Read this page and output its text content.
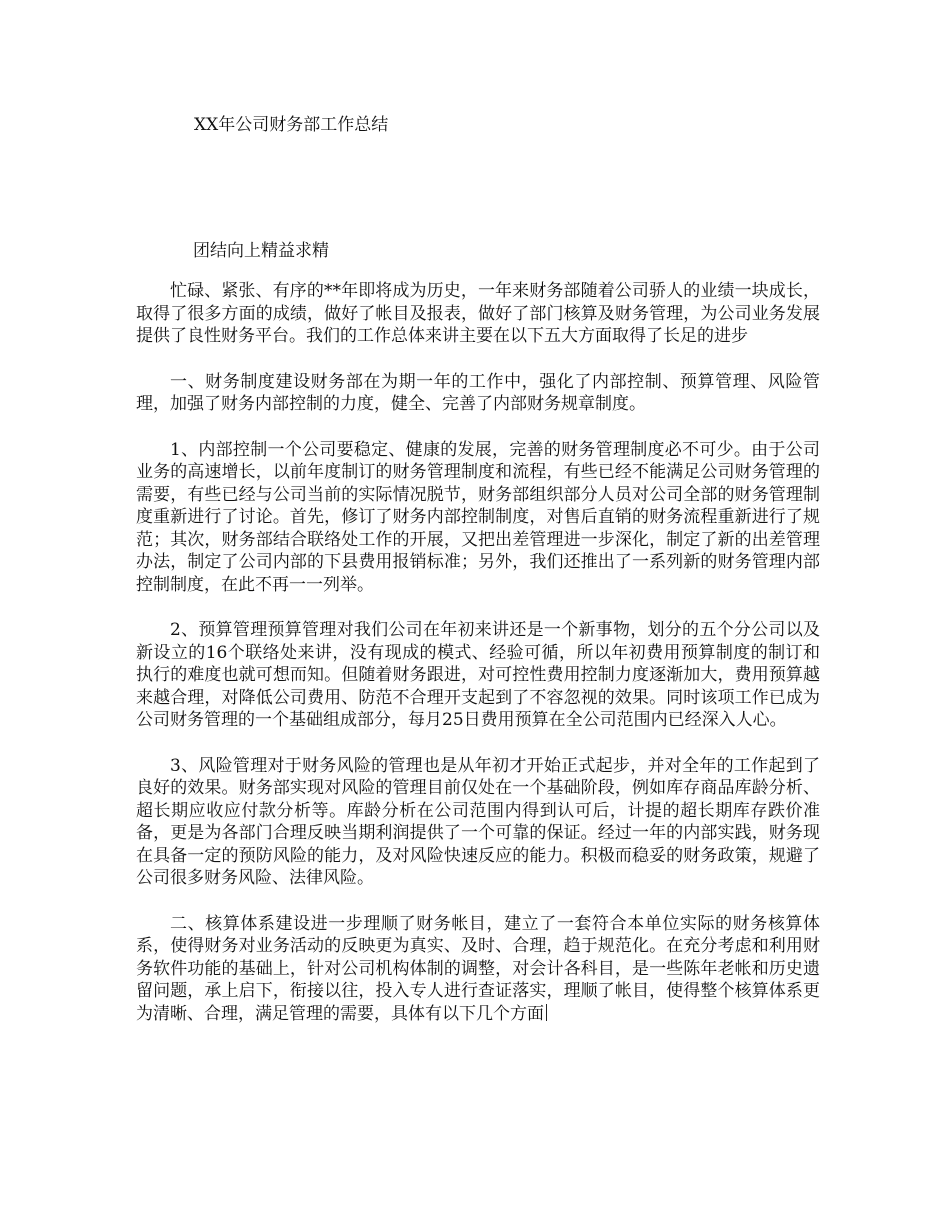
XX年公司财务部工作总结
团结向上精益求精

忙碌、紧张、有序的**年即将成为历史，一年来财务部随着公司骄人的业绩一块成长，取得了很多方面的成绩，做好了帐目及报表，做好了部门核算及财务管理，为公司业务发展提供了良性财务平台。我们的工作总体来讲主要在以下五大方面取得了长足的进步

一、财务制度建设财务部在为期一年的工作中，强化了内部控制、预算管理、风险管理，加强了财务内部控制的力度，健全、完善了内部财务规章制度。

1、内部控制一个公司要稳定、健康的发展，完善的财务管理制度必不可少。由于公司业务的高速增长，以前年度制订的财务管理制度和流程，有些已经不能满足公司财务管理的需要，有些已经与公司当前的实际情况脱节，财务部组织部分人员对公司全部的财务管理制度重新进行了讨论。首先，修订了财务内部控制制度，对售后直销的财务流程重新进行了规范；其次，财务部结合联络处工作的开展，又把出差管理进一步深化，制定了新的出差管理办法，制定了公司内部的下县费用报销标准；另外，我们还推出了一系列新的财务管理内部控制制度，在此不再一一列举。

2、预算管理预算管理对我们公司在年初来讲还是一个新事物，划分的五个分公司以及新设立的16个联络处来讲，没有现成的模式、经验可循，所以年初费用预算制度的制订和执行的难度也就可想而知。但随着财务跟进，对可控性费用控制力度逐渐加大，费用预算越来越合理，对降低公司费用、防范不合理开支起到了不容忽视的效果。同时该项工作已成为公司财务管理的一个基础组成部分，每月25日费用预算在全公司范围内已经深入人心。

3、风险管理对于财务风险的管理也是从年初才开始正式起步，并对全年的工作起到了良好的效果。财务部实现对风险的管理目前仅处在一个基础阶段，例如库存商品库龄分析、超长期应收应付款分析等。库龄分析在公司范围内得到认可后，计提的超长期库存跌价准备，更是为各部门合理反映当期利润提供了一个可靠的保证。经过一年的内部实践，财务现在具备一定的预防风险的能力，及对风险快速反应的能力。积极而稳妥的财务政策，规避了公司很多财务风险、法律风险。

二、核算体系建设进一步理顺了财务帐目，建立了一套符合本单位实际的财务核算体系，使得财务对业务活动的反映更为真实、及时、合理，趋于规范化。在充分考虑和利用财务软件功能的基础上，针对公司机构体制的调整，对会计各科目，是一些陈年老帐和历史遗留问题，承上启下，衔接以往，投入专人进行查证落实，理顺了帐目，使得整个核算体系更为清晰、合理，满足管理的需要，具体有以下几个方面
